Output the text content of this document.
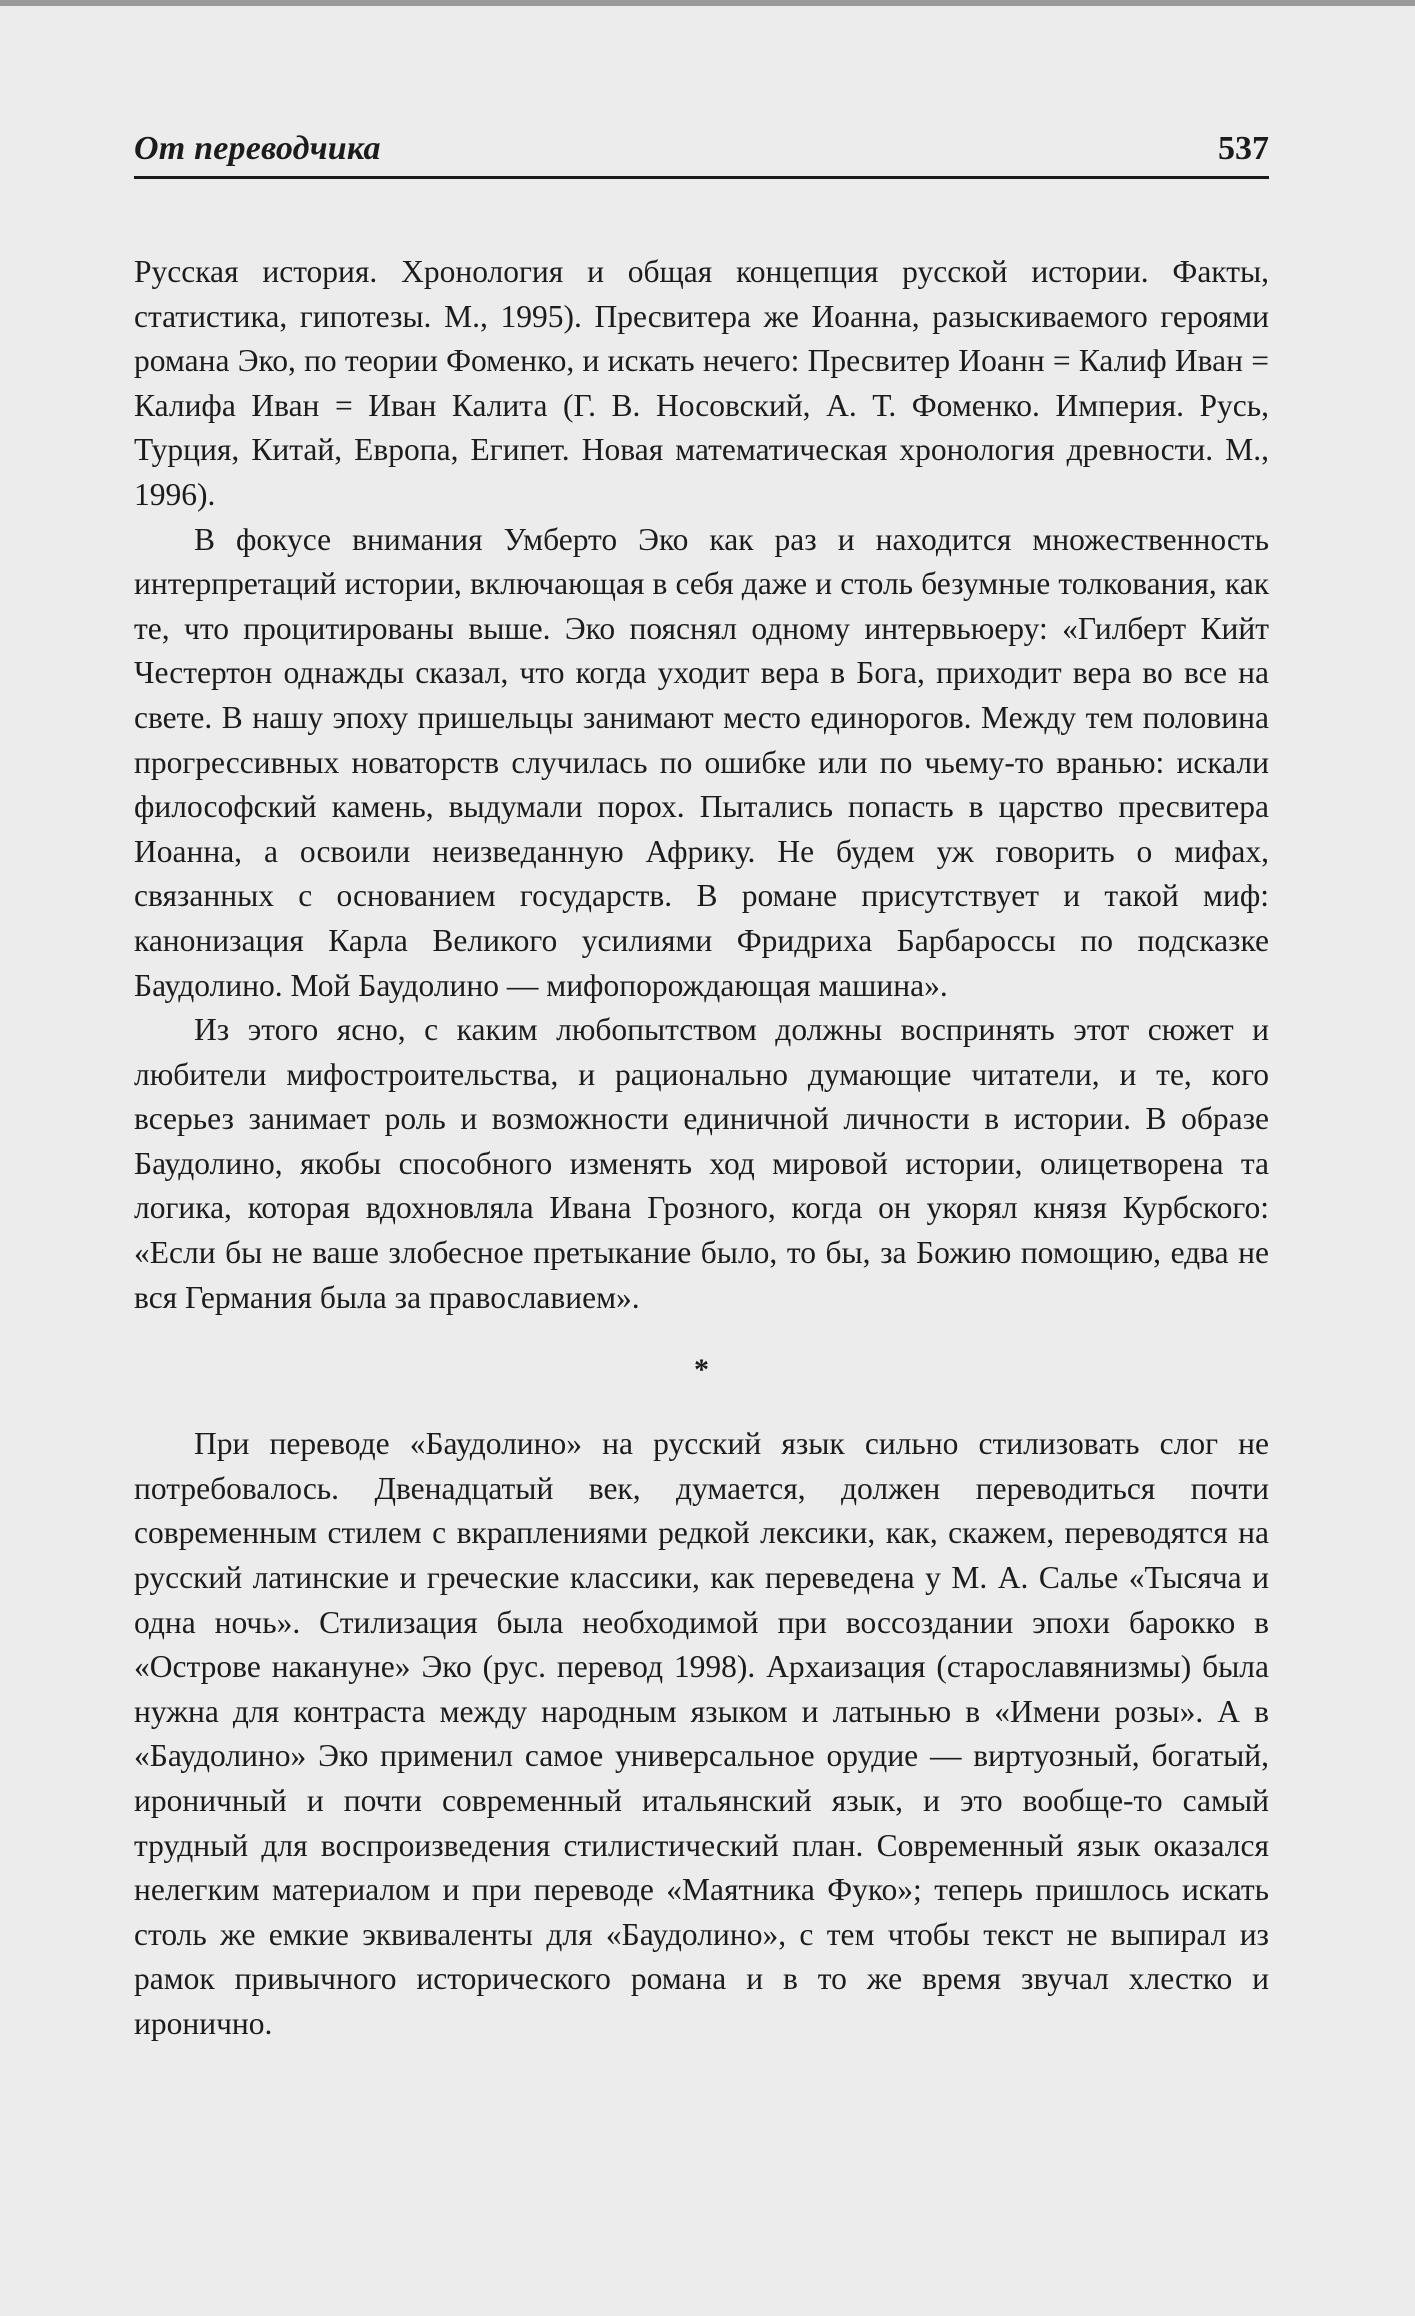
От переводчика	537

Русская история. Хронология и общая концепция русской истории. Факты, статистика, гипотезы. М., 1995). Пресвитера же Иоанна, разыскиваемого героями романа Эко, по теории Фоменко, и искать нечего: Пресвитер Иоанн = Калиф Иван = Калифа Иван = Иван Калита (Г. В. Носовский, А. Т. Фоменко. Империя. Русь, Турция, Китай, Европа, Египет. Новая математическая хронология древности. М., 1996).

В фокусе внимания Умберто Эко как раз и находится множественность интерпретаций истории, включающая в себя даже и столь безумные толкования, как те, что процитированы выше. Эко пояснял одному интервьюеру: «Гилберт Кийт Честертон однажды сказал, что когда уходит вера в Бога, приходит вера во все на свете. В нашу эпоху пришельцы занимают место единорогов. Между тем половина прогрессивных новаторств случилась по ошибке или по чьему-то вранью: искали философский камень, выдумали порох. Пытались попасть в царство пресвитера Иоанна, а освоили неизведанную Африку. Не будем уж говорить о мифах, связанных с основанием государств. В романе присутствует и такой миф: канонизация Карла Великого усилиями Фридриха Барбароссы по подсказке Баудолино. Мой Баудолино — мифопорождающая машина».

Из этого ясно, с каким любопытством должны воспринять этот сюжет и любители мифостроительства, и рационально думающие читатели, и те, кого всерьез занимает роль и возможности единичной личности в истории. В образе Баудолино, якобы способного изменять ход мировой истории, олицетворена та логика, которая вдохновляла Ивана Грозного, когда он укорял князя Курбского: «Если бы не ваше злобесное претыкание было, то бы, за Божию помощию, едва не вся Германия была за православием».

*

При переводе «Баудолино» на русский язык сильно стилизовать слог не потребовалось. Двенадцатый век, думается, должен переводиться почти современным стилем с вкраплениями редкой лексики, как, скажем, переводятся на русский латинские и греческие классики, как переведена у М. А. Салье «Тысяча и одна ночь». Стилизация была необходимой при воссоздании эпохи барокко в «Острове накануне» Эко (рус. перевод 1998). Архаизация (старославянизмы) была нужна для контраста между народным языком и латынью в «Имени розы». А в «Баудолино» Эко применил самое универсальное орудие — виртуозный, богатый, ироничный и почти современный итальянский язык, и это вообще-то самый трудный для воспроизведения стилистический план. Современный язык оказался нелегким материалом и при переводе «Маятника Фуко»; теперь пришлось искать столь же емкие эквиваленты для «Баудолино», с тем чтобы текст не выпирал из рамок привычного исторического романа и в то же время звучал хлестко и иронично.
